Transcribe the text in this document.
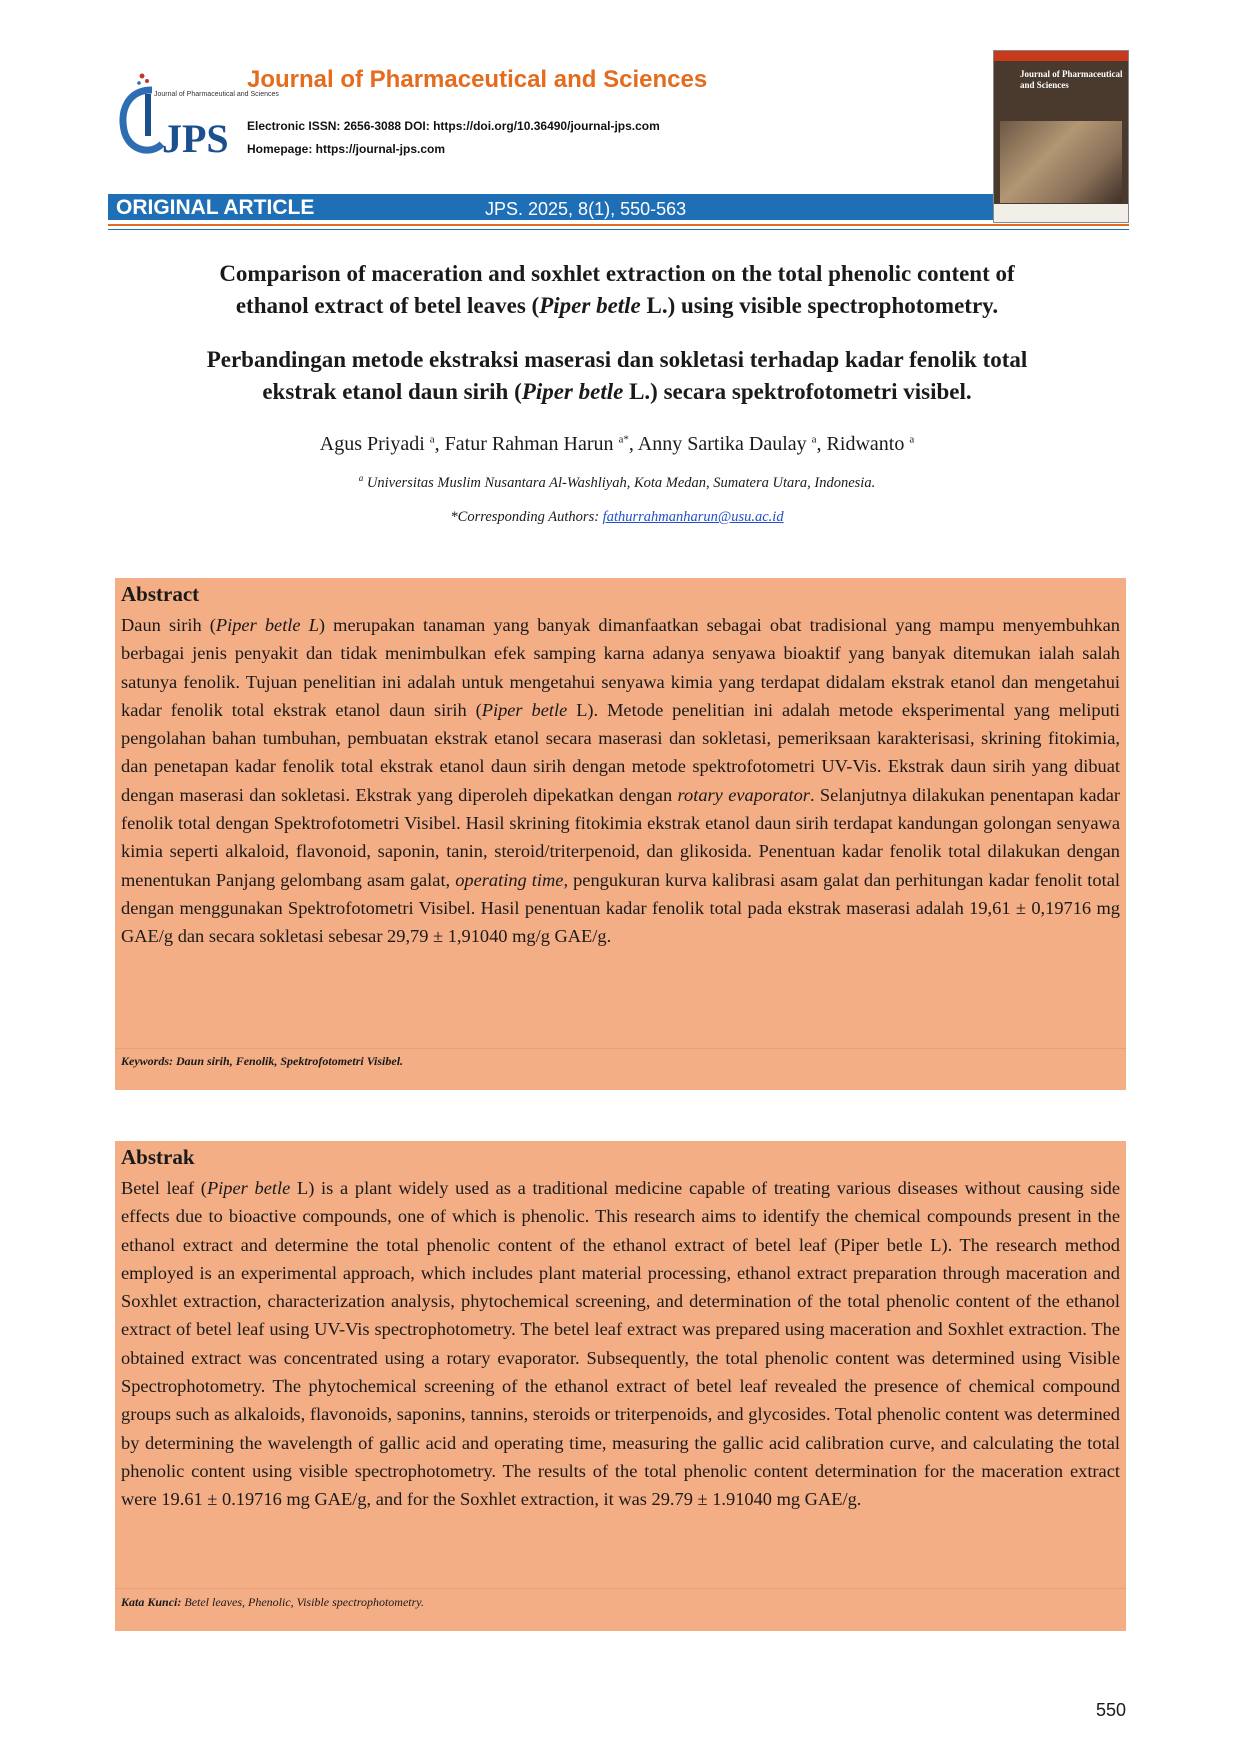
JPS
Journal of Pharmaceutical and Sciences
Journal of Pharmaceutical and Sciences
Electronic ISSN: 2656-3088 DOI: https://doi.org/10.36490/journal-jps.com
Homepage: https://journal-jps.com
Journal of Pharmaceutical and Sciences
ORIGINAL ARTICLE	JPS. 2025, 8(1), 550-563
Comparison of maceration and soxhlet extraction on the total phenolic content of
ethanol extract of betel leaves (Piper betle L.) using visible spectrophotometry.
Perbandingan metode ekstraksi maserasi dan sokletasi terhadap kadar fenolik total
ekstrak etanol daun sirih (Piper betle L.) secara spektrofotometri visibel.
Agus Priyadi $^a$, Fatur Rahman Harun $^{a*}$, Anny Sartika Daulay $^a$, Ridwanto $^a$
$^a$ Universitas Muslim Nusantara Al-Washliyah, Kota Medan, Sumatera Utara, Indonesia.
*Corresponding Authors: fathurrahmanharun@usu.ac.id
Abstract
Daun sirih (Piper betle L) merupakan tanaman yang banyak dimanfaatkan sebagai obat tradisional yang mampu menyembuhkan berbagai jenis penyakit dan tidak menimbulkan efek samping karna adanya senyawa bioaktif yang banyak ditemukan ialah salah satunya fenolik. Tujuan penelitian ini adalah untuk mengetahui senyawa kimia yang terdapat didalam ekstrak etanol dan mengetahui kadar fenolik total ekstrak etanol daun sirih (Piper betle L). Metode penelitian ini adalah metode eksperimental yang meliputi pengolahan bahan tumbuhan, pembuatan ekstrak etanol secara maserasi dan sokletasi, pemeriksaan karakterisasi, skrining fitokimia, dan penetapan kadar fenolik total ekstrak etanol daun sirih dengan metode spektrofotometri UV-Vis. Ekstrak daun sirih yang dibuat dengan maserasi dan sokletasi. Ekstrak yang diperoleh dipekatkan dengan rotary evaporator. Selanjutnya dilakukan penentapan kadar fenolik total dengan Spektrofotometri Visibel. Hasil skrining fitokimia ekstrak etanol daun sirih terdapat kandungan golongan senyawa kimia seperti alkaloid, flavonoid, saponin, tanin, steroid/triterpenoid, dan glikosida. Penentuan kadar fenolik total dilakukan dengan menentukan Panjang gelombang asam galat, operating time, pengukuran kurva kalibrasi asam galat dan perhitungan kadar fenolit total dengan menggunakan Spektrofotometri Visibel. Hasil penentuan kadar fenolik total pada ekstrak maserasi adalah 19,61 ± 0,19716 mg GAE/g dan secara sokletasi sebesar 29,79 ± 1,91040 mg/g GAE/g.
Keywords: Daun sirih, Fenolik, Spektrofotometri Visibel.
Abstrak
Betel leaf (Piper betle L) is a plant widely used as a traditional medicine capable of treating various diseases without causing side effects due to bioactive compounds, one of which is phenolic. This research aims to identify the chemical compounds present in the ethanol extract and determine the total phenolic content of the ethanol extract of betel leaf (Piper betle L). The research method employed is an experimental approach, which includes plant material processing, ethanol extract preparation through maceration and Soxhlet extraction, characterization analysis, phytochemical screening, and determination of the total phenolic content of the ethanol extract of betel leaf using UV-Vis spectrophotometry. The betel leaf extract was prepared using maceration and Soxhlet extraction. The obtained extract was concentrated using a rotary evaporator. Subsequently, the total phenolic content was determined using Visible Spectrophotometry. The phytochemical screening of the ethanol extract of betel leaf revealed the presence of chemical compound groups such as alkaloids, flavonoids, saponins, tannins, steroids or triterpenoids, and glycosides. Total phenolic content was determined by determining the wavelength of gallic acid and operating time, measuring the gallic acid calibration curve, and calculating the total phenolic content using visible spectrophotometry. The results of the total phenolic content determination for the maceration extract were 19.61 ± 0.19716 mg GAE/g, and for the Soxhlet extraction, it was 29.79 ± 1.91040 mg GAE/g.
Kata Kunci: Betel leaves, Phenolic, Visible spectrophotometry.
550
